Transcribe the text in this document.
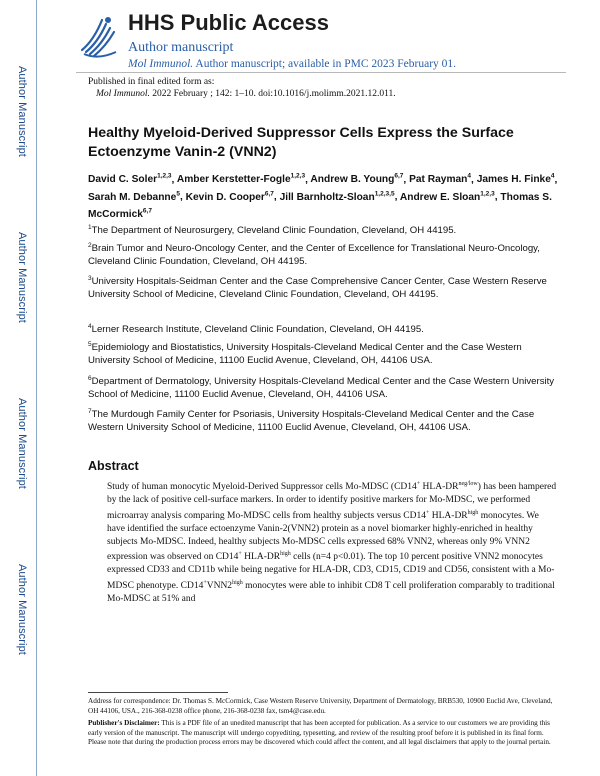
Author Manuscript
Author Manuscript
Author Manuscript
Author Manuscript
HHS Public Access
Author manuscript
Mol Immunol. Author manuscript; available in PMC 2023 February 01.
Published in final edited form as:
Mol Immunol. 2022 February ; 142: 1–10. doi:10.1016/j.molimm.2021.12.011.
Healthy Myeloid-Derived Suppressor Cells Express the Surface Ectoenzyme Vanin-2 (VNN2)
David C. Soler$^{1,2,3}$, Amber Kerstetter-Fogle$^{1,2,3}$, Andrew B. Young$^{6,7}$, Pat Rayman$^4$, James H. Finke$^4$, Sarah M. Debanne$^5$, Kevin D. Cooper$^{6,7}$, Jill Barnholtz-Sloan$^{1,2,3,5}$, Andrew E. Sloan$^{1,2,3}$, Thomas S. McCormick$^{6,7}$
$^1$The Department of Neurosurgery, Cleveland Clinic Foundation, Cleveland, OH 44195.
$^2$Brain Tumor and Neuro-Oncology Center, and the Center of Excellence for Translational Neuro-Oncology, Cleveland Clinic Foundation, Cleveland, OH 44195.
$^3$University Hospitals-Seidman Center and the Case Comprehensive Cancer Center, Case Western Reserve University School of Medicine, Cleveland Clinic Foundation, Cleveland, OH 44195.
$^4$Lerner Research Institute, Cleveland Clinic Foundation, Cleveland, OH 44195.
$^5$Epidemiology and Biostatistics, University Hospitals-Cleveland Medical Center and the Case Western University School of Medicine, 11100 Euclid Avenue, Cleveland, OH, 44106 USA.
$^6$Department of Dermatology, University Hospitals-Cleveland Medical Center and the Case Western University School of Medicine, 11100 Euclid Avenue, Cleveland, OH, 44106 USA.
$^7$The Murdough Family Center for Psoriasis, University Hospitals-Cleveland Medical Center and the Case Western University School of Medicine, 11100 Euclid Avenue, Cleveland, OH, 44106 USA.
Abstract
Study of human monocytic Myeloid-Derived Suppressor cells Mo-MDSC (CD14+ HLA-$DR^{neg/low}$) has been hampered by the lack of positive cell-surface markers. In order to identify positive markers for Mo-MDSC, we performed microarray analysis comparing Mo-MDSC cells from healthy subjects versus CD14+ HLA-$DR^{high}$ monocytes. We have identified the surface ectoenzyme Vanin-2(VNN2) protein as a novel biomarker highly-enriched in healthy subjects Mo-MDSC. Indeed, healthy subjects Mo-MDSC cells expressed 68% VNN2, whereas only 9% VNN2 expression was observed on CD14+ HLA-$DR^{high}$ cells (n=4 p<0.01). The top 10 percent positive VNN2 monocytes expressed CD33 and CD11b while being negative for HLA-DR, CD3, CD15, CD19 and CD56, consistent with a Mo-MDSC phenotype. $CD14^+VNN2^{high}$ monocytes were able to inhibit CD8 T cell proliferation comparably to traditional Mo-MDSC at 51% and
Address for correspondence: Dr. Thomas S. McCormick, Case Western Reserve University, Department of Dermatology, BRB530, 10900 Euclid Ave, Cleveland, OH 44106, USA., 216-368-0238 office phone, 216-368-0238 fax, tsm4@case.edu.
Publisher's Disclaimer: This is a PDF file of an unedited manuscript that has been accepted for publication. As a service to our customers we are providing this early version of the manuscript. The manuscript will undergo copyediting, typesetting, and review of the resulting proof before it is published in its final form. Please note that during the production process errors may be discovered which could affect the content, and all legal disclaimers that apply to the journal pertain.
